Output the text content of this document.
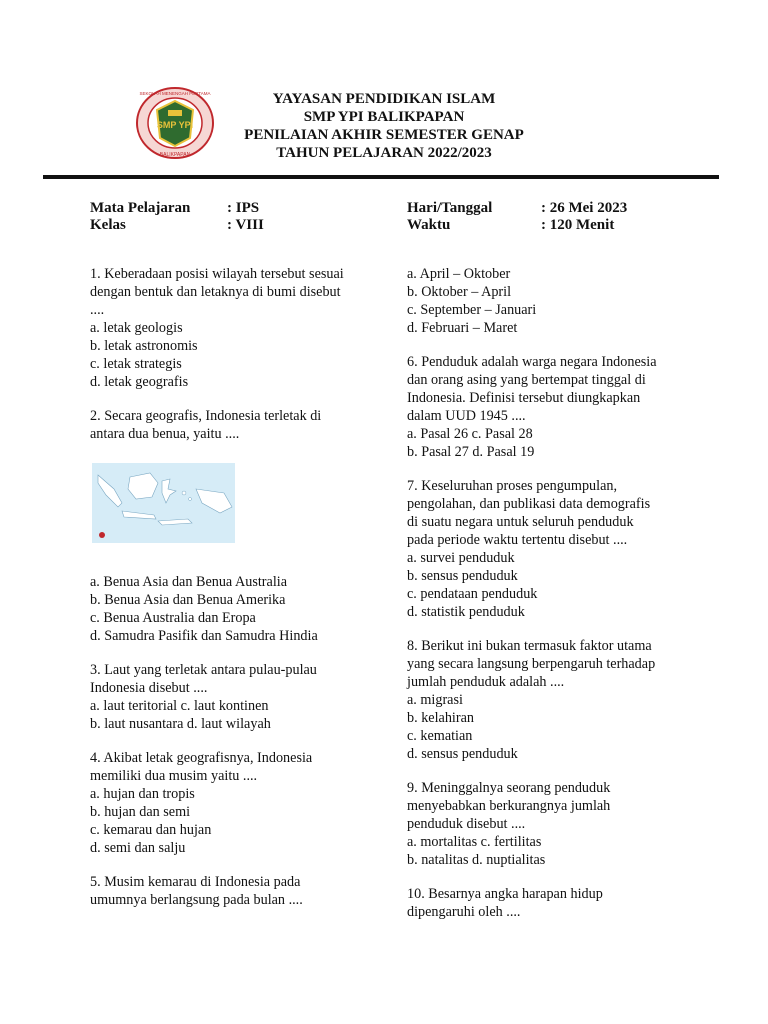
SMP YPI
SEKOLAH MENENGAH PERTAMA
BALIKPAPAN
YAYASAN PENDIDIKAN ISLAM
SMP YPI BALIKPAPAN
PENILAIAN AKHIR SEMESTER GENAP
TAHUN PELAJARAN 2022/2023
Mata Pelajaran	: IPS
Kelas	: VIII
Hari/Tanggal	: 26 Mei 2023
Waktu	: 120 Menit

1. Keberadaan posisi wilayah tersebut sesuai

dengan bentuk dan letaknya di bumi disebut

....

a. letak geologis

b. letak astronomis

c. letak strategis

d. letak geografis

2. Secara geografis, Indonesia terletak di

antara dua benua, yaitu ....

a. Benua Asia dan Benua Australia

b. Benua Asia dan Benua Amerika

c. Benua Australia dan Eropa

d. Samudra Pasifik dan Samudra Hindia

3. Laut yang terletak antara pulau-pulau

Indonesia disebut ....

a. laut teritorial c. laut kontinen

b. laut nusantara d. laut wilayah

4. Akibat letak geografisnya, Indonesia

memiliki dua musim yaitu ....

a. hujan dan tropis

b. hujan dan semi

c. kemarau dan hujan

d. semi dan salju

5. Musim kemarau di Indonesia pada

umumnya berlangsung pada bulan ....

a. April – Oktober

b. Oktober – April

c. September – Januari

d. Februari – Maret

6. Penduduk adalah warga negara Indonesia

dan orang asing yang bertempat tinggal di

Indonesia. Definisi tersebut diungkapkan

dalam UUD 1945 ....

a. Pasal 26 c. Pasal 28

b. Pasal 27 d. Pasal 19

7. Keseluruhan proses pengumpulan,

pengolahan, dan publikasi data demografis

di suatu negara untuk seluruh penduduk

pada periode waktu tertentu disebut ....

a. survei penduduk

b. sensus penduduk

c. pendataan penduduk

d. statistik penduduk

8. Berikut ini bukan termasuk faktor utama

yang secara langsung berpengaruh terhadap

jumlah penduduk adalah ....

a. migrasi

b. kelahiran

c. kematian

d. sensus penduduk

9. Meninggalnya seorang penduduk

menyebabkan berkurangnya jumlah

penduduk disebut ....

a. mortalitas c. fertilitas

b. natalitas d. nuptialitas

10. Besarnya angka harapan hidup

dipengaruhi oleh ....
